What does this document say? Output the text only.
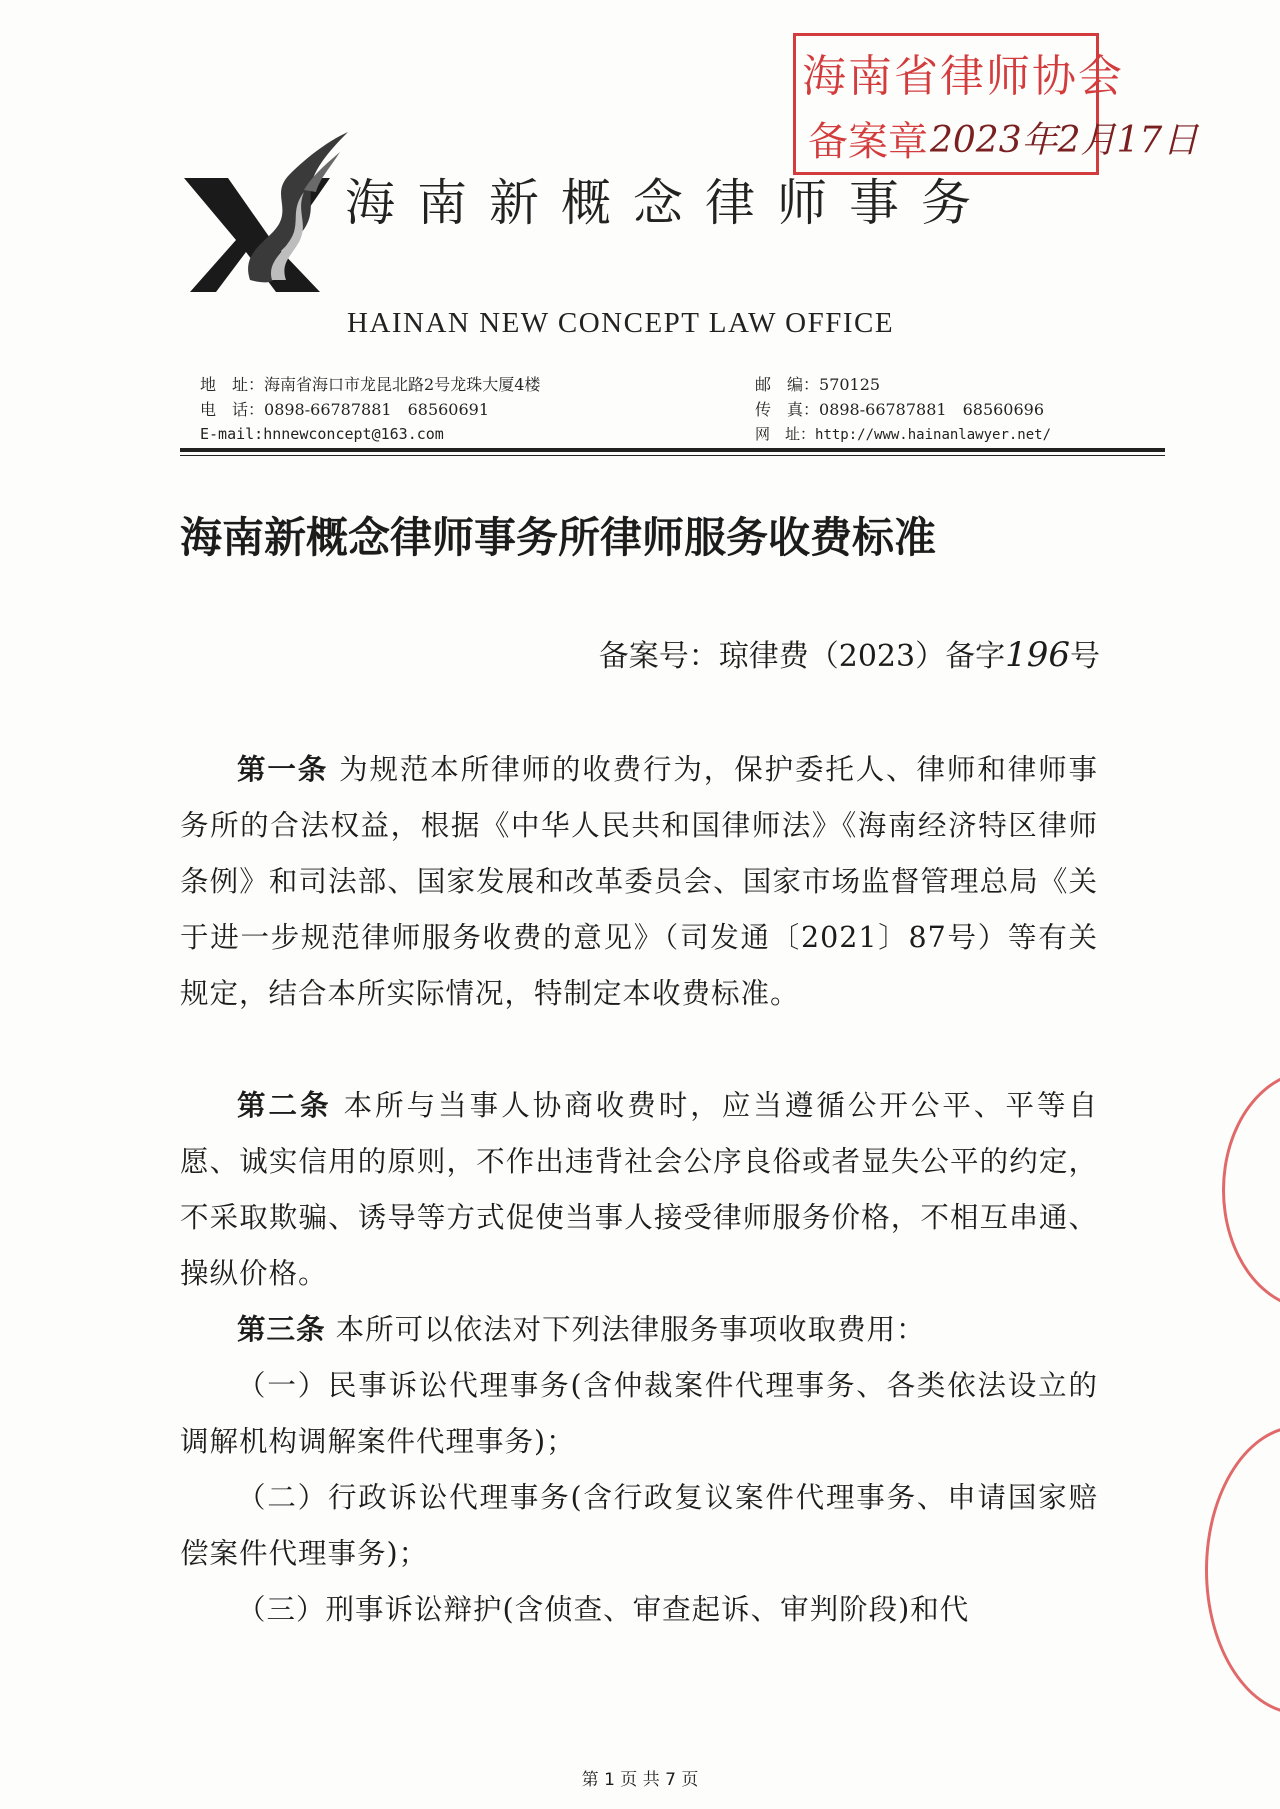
海南省律师协会
备案章 2023年2月17日
海南新概念律师事务
HAINAN NEW CONCEPT LAW OFFICE
地　址：海南省海口市龙昆北路2号龙珠大厦4楼
电　话：0898-66787881　68560691
E-mail:hnnewconcept@163.com
邮　编：570125
传　真：0898-66787881　68560696
网　址：http://www.hainanlawyer.net/
海南新概念律师事务所律师服务收费标准
备案号：琼律费（2023）备字196号
第一条 为规范本所律师的收费行为，保护委托人、律师和律师事务所的合法权益，根据《中华人民共和国律师法》《海南经济特区律师条例》和司法部、国家发展和改革委员会、国家市场监督管理总局《关于进一步规范律师服务收费的意见》（司发通〔2021〕87号）等有关规定，结合本所实际情况，特制定本收费标准。
第二条 本所与当事人协商收费时，应当遵循公开公平、平等自愿、诚实信用的原则，不作出违背社会公序良俗或者显失公平的约定，不采取欺骗、诱导等方式促使当事人接受律师服务价格，不相互串通、操纵价格。
第三条 本所可以依法对下列法律服务事项收取费用：
（一）民事诉讼代理事务(含仲裁案件代理事务、各类依法设立的调解机构调解案件代理事务)；
（二）行政诉讼代理事务(含行政复议案件代理事务、申请国家赔偿案件代理事务)；
（三）刑事诉讼辩护(含侦查、审查起诉、审判阶段)和代
第 1 页 共 7 页
